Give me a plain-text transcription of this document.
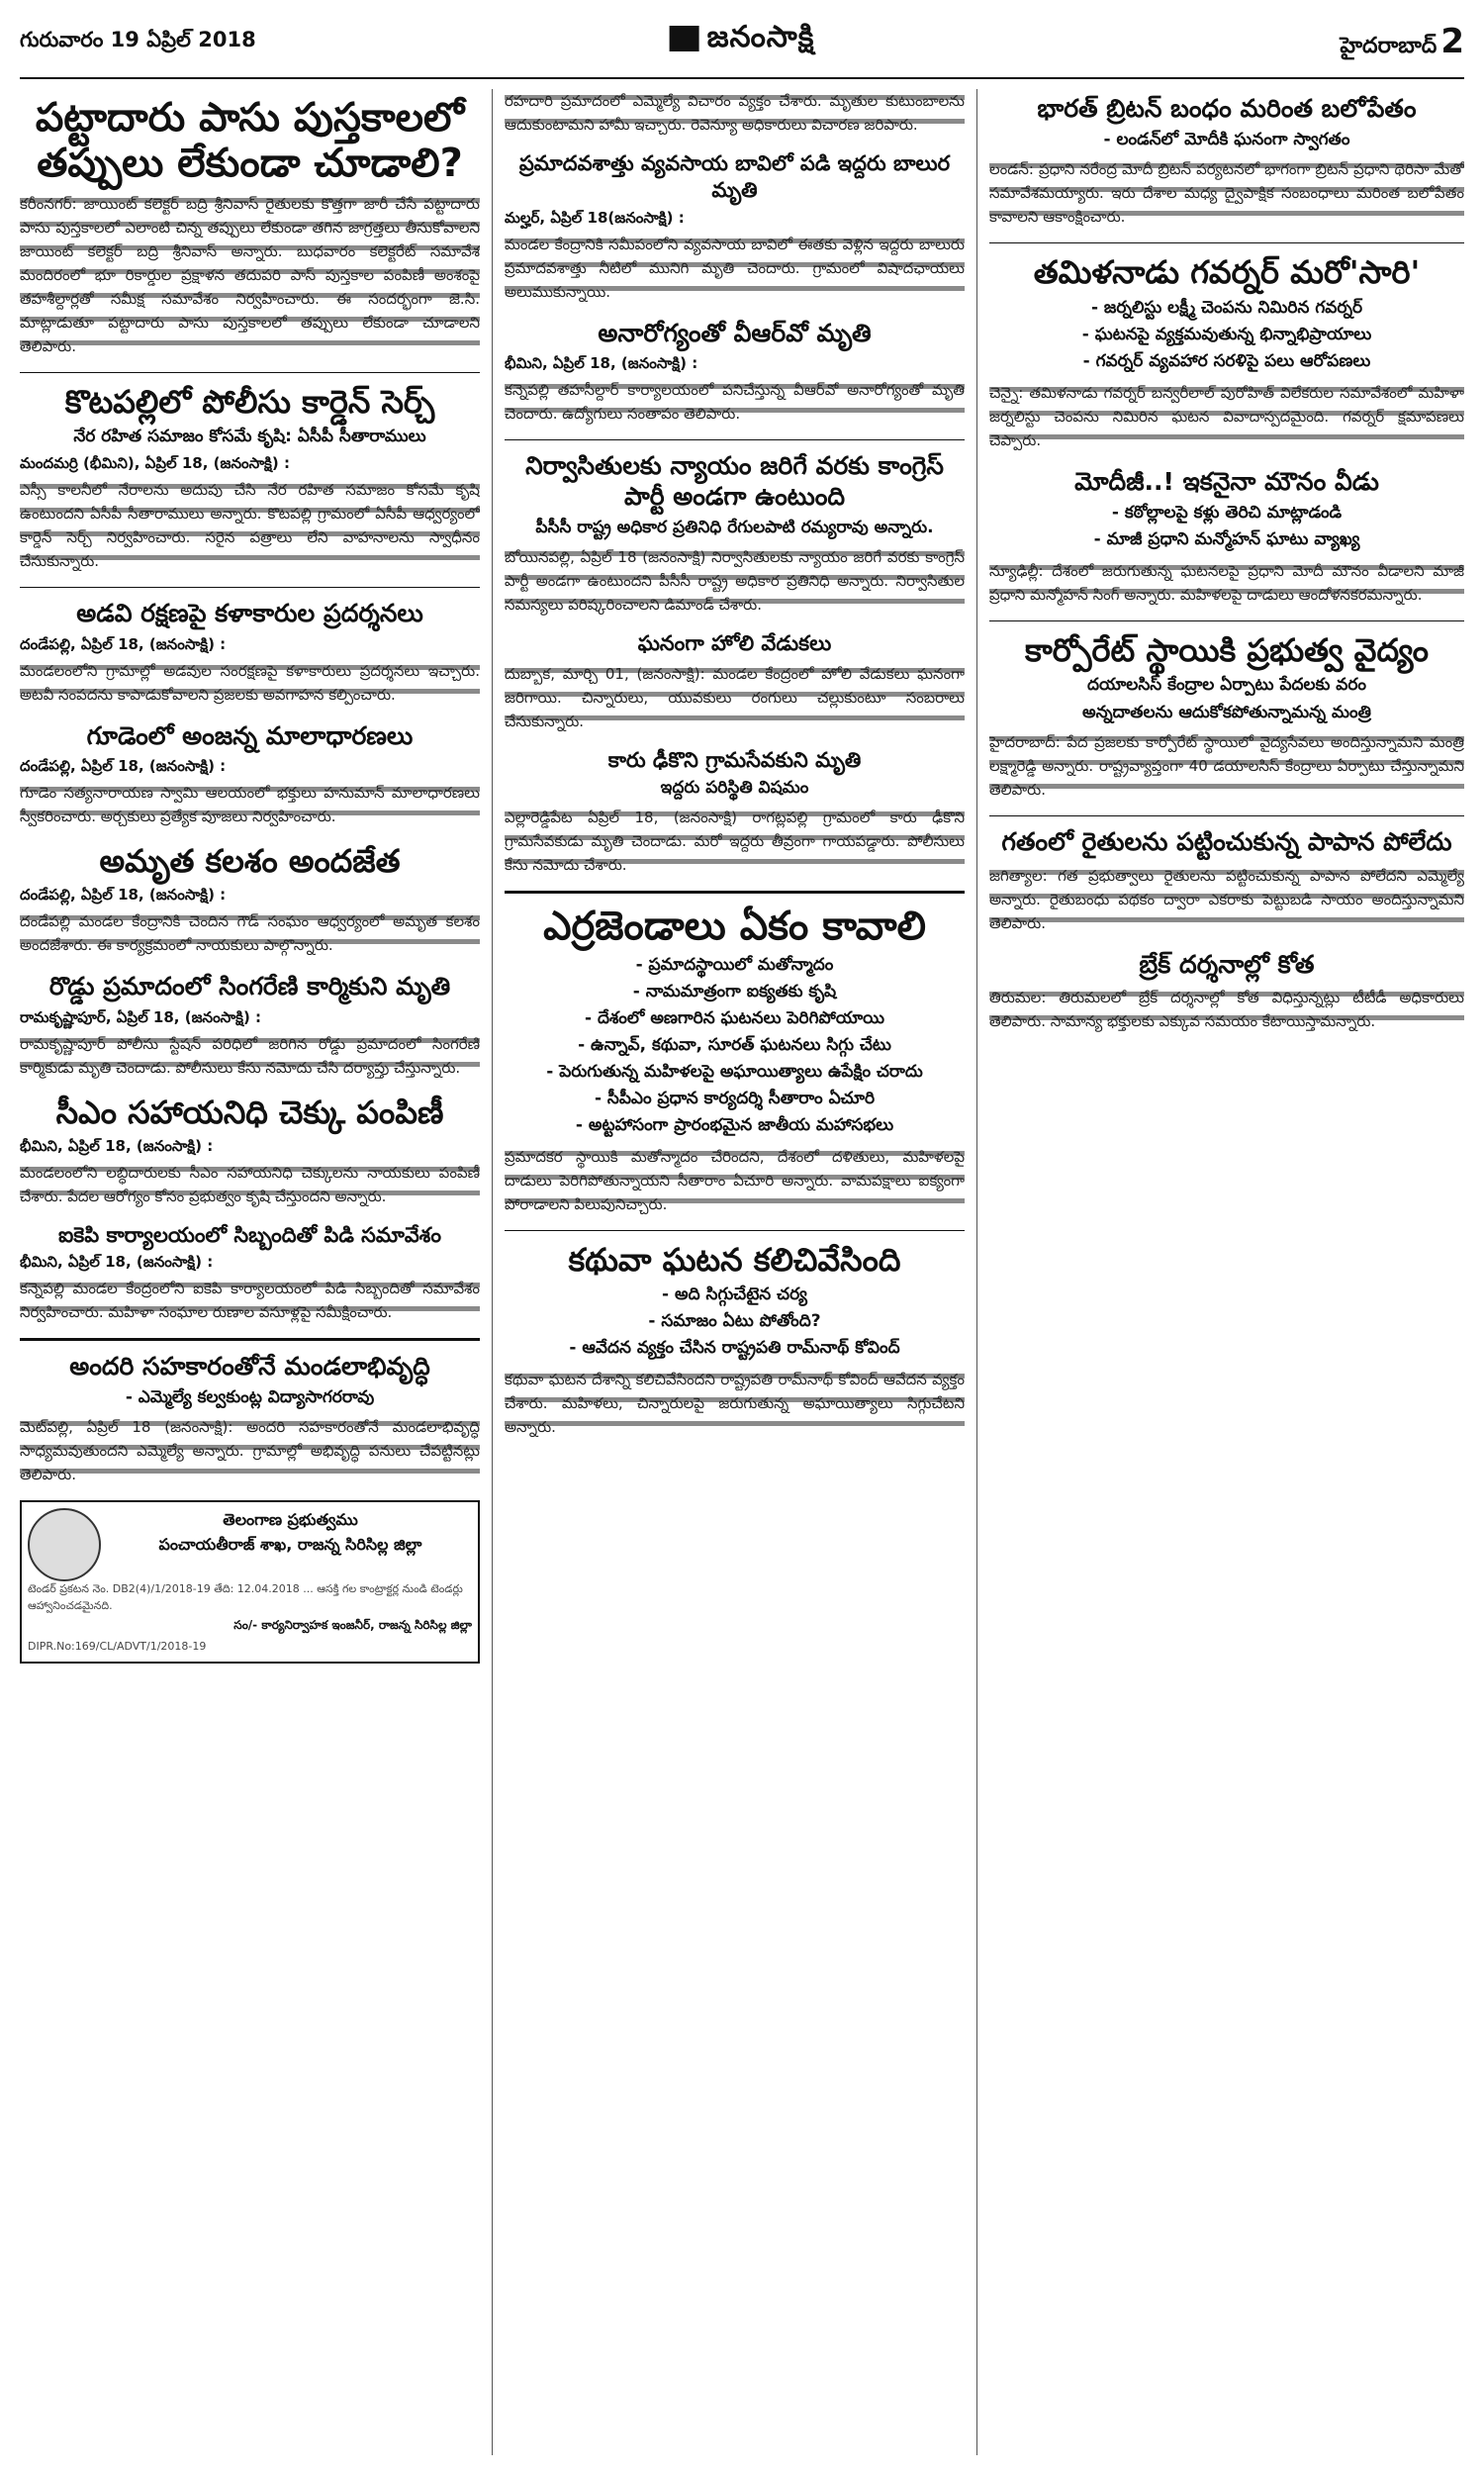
గురువారం 19 ఏప్రిల్ 2018	జనంసాక్షి	హైదరాబాద్ 2
పట్టాదారు పాసు పుస్తకాలలో తప్పులు లేకుండా చూడాలి?
కరీంనగర్: జాయింట్ కలెక్టర్ బద్రి శ్రీనివాస్ రైతులకు కొత్తగా జారీ చేసే పట్టాదారు పాసు పుస్తకాలలో ఎలాంటి చిన్న తప్పులు లేకుండా తగిన జాగ్రత్తలు తీసుకోవాలని జాయింట్ కలెక్టర్ బద్రి శ్రీనివాస్ అన్నారు. బుధవారం కలెక్టరేట్ సమావేశ మందిరంలో భూ రికార్డుల ప్రక్షాళన తదుపరి పాస్ పుస్తకాల పంపిణీ అంశంపై తహశీల్దార్లతో సమీక్ష సమావేశం నిర్వహించారు. ఈ సందర్భంగా జె.సి. మాట్లాడుతూ పట్టాదారు పాసు పుస్తకాలలో తప్పులు లేకుండా చూడాలని తెలిపారు.
కొటపల్లిలో పోలీసు కార్డెన్ సెర్చ్
నేర రహిత సమాజం కోసమే కృషి: ఏసీపీ సీతారాములు
మందమర్రి (భీమిని), ఏప్రిల్ 18, (జనంసాక్షి) :
ఎస్సీ కాలనీలో నేరాలను అదుపు చేసి నేర రహిత సమాజం కోసమే కృషి ఉంటుందని ఏసీపీ సీతారాములు అన్నారు. కొటపల్లి గ్రామంలో ఏసీపీ ఆధ్వర్యంలో కార్డెన్ సెర్చ్ నిర్వహించారు. సరైన పత్రాలు లేని వాహనాలను స్వాధీనం చేసుకున్నారు.
అడవి రక్షణపై కళాకారుల ప్రదర్శనలు
దండేపల్లి, ఏప్రిల్ 18, (జనంసాక్షి) :
మండలంలోని గ్రామాల్లో అడవుల సంరక్షణపై కళాకారులు ప్రదర్శనలు ఇచ్చారు. అటవీ సంపదను కాపాడుకోవాలని ప్రజలకు అవగాహన కల్పించారు.
గూడెంలో అంజన్న మాలాధారణలు
దండేపల్లి, ఏప్రిల్ 18, (జనంసాక్షి) :
గూడెం సత్యనారాయణ స్వామి ఆలయంలో భక్తులు హనుమాన్ మాలాధారణలు స్వీకరించారు. అర్చకులు ప్రత్యేక పూజలు నిర్వహించారు.
అమృత కలశం అందజేత
దండేపల్లి, ఏప్రిల్ 18, (జనంసాక్షి) :
దండేపల్లి మండల కేంద్రానికి చెందిన గౌడ్ సంఘం ఆధ్వర్యంలో అమృత కలశం అందజేశారు. ఈ కార్యక్రమంలో నాయకులు పాల్గొన్నారు.
రొడ్డు ప్రమాదంలో సింగరేణి కార్మికుని మృతి
రామకృష్ణాపూర్, ఏప్రిల్ 18, (జనంసాక్షి) :
రామకృష్ణాపూర్ పోలీసు స్టేషన్ పరిధిలో జరిగిన రోడ్డు ప్రమాదంలో సింగరేణి కార్మికుడు మృతి చెందాడు. పోలీసులు కేసు నమోదు చేసి దర్యాప్తు చేస్తున్నారు.
సీఎం సహాయనిధి చెక్కు పంపిణీ
భీమిని, ఏప్రిల్ 18, (జనంసాక్షి) :
మండలంలోని లబ్ధిదారులకు సీఎం సహాయనిధి చెక్కులను నాయకులు పంపిణీ చేశారు. పేదల ఆరోగ్యం కోసం ప్రభుత్వం కృషి చేస్తుందని అన్నారు.
ఐకెపి కార్యాలయంలో సిబ్బందితో పిడి సమావేశం
భీమిని, ఏప్రిల్ 18, (జనంసాక్షి) :
కన్నెపల్లి మండల కేంద్రంలోని ఐకెపి కార్యాలయంలో పిడి సిబ్బందితో సమావేశం నిర్వహించారు. మహిళా సంఘాల రుణాల వసూళ్లపై సమీక్షించారు.
అందరి సహకారంతోనే మండలాభివృద్ధి
- ఎమ్మెల్యే కల్వకుంట్ల విద్యాసాగరరావు
మెట్‌పల్లి, ఏప్రిల్ 18 (జనంసాక్షి): అందరి సహకారంతోనే మండలాభివృద్ధి సాధ్యమవుతుందని ఎమ్మెల్యే అన్నారు. గ్రామాల్లో అభివృద్ధి పనులు చేపట్టినట్లు తెలిపారు.
తెలంగాణ ప్రభుత్వము
పంచాయతీరాజ్ శాఖ, రాజన్న సిరిసిల్ల జిల్లా
టెండర్ ప్రకటన నెం. DB2(4)/1/2018-19 తేది: 12.04.2018 ... ఆసక్తి గల కాంట్రాక్టర్ల నుండి టెండర్లు ఆహ్వానించడమైనది.
సం/- కార్యనిర్వాహక ఇంజనీర్, రాజన్న సిరిసిల్ల జిల్లా
DIPR.No:169/CL/ADVT/1/2018-19
రహదారి ప్రమాదంలో ఎమ్మెల్యే విచారం వ్యక్తం చేశారు. మృతుల కుటుంబాలను ఆదుకుంటామని హామీ ఇచ్చారు. రెవెన్యూ అధికారులు విచారణ జరిపారు.
ప్రమాదవశాత్తు వ్యవసాయ బావిలో పడి ఇద్దరు బాలుర మృతి
మల్హర్‌, ఏప్రిల్ 18(జనంసాక్షి) :
మండల కేంద్రానికి సమీపంలోని వ్యవసాయ బావిలో ఈతకు వెళ్లిన ఇద్దరు బాలురు ప్రమాదవశాత్తు నీటిలో మునిగి మృతి చెందారు. గ్రామంలో విషాదఛాయలు అలుముకున్నాయి.
అనారోగ్యంతో వీఆర్‌వో మృతి
భీమిని, ఏప్రిల్ 18, (జనంసాక్షి) :
కన్నెపల్లి తహసీల్దార్ కార్యాలయంలో పనిచేస్తున్న వీఆర్‌వో అనారోగ్యంతో మృతి చెందారు. ఉద్యోగులు సంతాపం తెలిపారు.
నిర్వాసితులకు న్యాయం జరిగే వరకు కాంగ్రెస్ పార్టీ అండగా ఉంటుంది
పీసీసీ రాష్ట్ర అధికార ప్రతినిధి రేగులపాటి రమ్యరావు అన్నారు.
బోయినపల్లి, ఏప్రిల్ 18 (జనంసాక్షి) నిర్వాసితులకు న్యాయం జరిగే వరకు కాంగ్రెస్ పార్టీ అండగా ఉంటుందని పీసీసీ రాష్ట్ర అధికార ప్రతినిధి అన్నారు. నిర్వాసితుల సమస్యలు పరిష్కరించాలని డిమాండ్ చేశారు.
ఘనంగా హోలి వేడుకలు
దుబ్బాక, మార్చి 01, (జనంసాక్షి): మండల కేంద్రంలో హోలి వేడుకలు ఘనంగా జరిగాయి. చిన్నారులు, యువకులు రంగులు చల్లుకుంటూ సంబరాలు చేసుకున్నారు.
కారు ఢీకొని గ్రామసేవకుని మృతి
ఇద్దరు పరిస్థితి విషమం
ఎల్లారెడ్డిపేట ఏప్రిల్ 18, (జనంసాక్షి) రాగట్లపల్లి గ్రామంలో కారు ఢీకొని గ్రామసేవకుడు మృతి చెందాడు. మరో ఇద్దరు తీవ్రంగా గాయపడ్డారు. పోలీసులు కేసు నమోదు చేశారు.
ఎర్రజెండాలు ఏకం కావాలి
- ప్రమాదస్థాయిలో మతోన్మాదం
- నామమాత్రంగా ఐక్యతకు కృషి
- దేశంలో అణగారిన ఘటనలు పెరిగిపోయాయి
- ఉన్నావ్, కథువా, సూరత్ ఘటనలు సిగ్గు చేటు
- పెరుగుతున్న మహిళలపై అఘాయిత్యాలు ఉపేక్షిం చరాదు
- సీపీఎం ప్రధాన కార్యదర్శి సీతారాం ఏచూరి
- అట్టహాసంగా ప్రారంభమైన జాతీయ మహాసభలు
ప్రమాదకర స్థాయికి మతోన్మాదం చేరిందని, దేశంలో దళితులు, మహిళలపై దాడులు పెరిగిపోతున్నాయని సీతారాం ఏచూరి అన్నారు. వామపక్షాలు ఐక్యంగా పోరాడాలని పిలుపునిచ్చారు.
కథువా ఘటన కలిచివేసింది
- అది సిగ్గుచేటైన చర్య
- సమాజం ఏటు పోతోంది?
- ఆవేదన వ్యక్తం చేసిన రాష్ట్రపతి రామ్‌నాథ్ కోవింద్
కథువా ఘటన దేశాన్ని కలిచివేసిందని రాష్ట్రపతి రామ్‌నాథ్ కోవింద్ ఆవేదన వ్యక్తం చేశారు. మహిళలు, చిన్నారులపై జరుగుతున్న అఘాయిత్యాలు సిగ్గుచేటని అన్నారు.
భారత్ బ్రిటన్ బంధం మరింత బలోపేతం
- లండన్‌లో మోదీకి ఘనంగా స్వాగతం
లండన్: ప్రధాని నరేంద్ర మోదీ బ్రిటన్ పర్యటనలో భాగంగా బ్రిటన్ ప్రధాని థెరిసా మేతో సమావేశమయ్యారు. ఇరు దేశాల మధ్య ద్వైపాక్షిక సంబంధాలు మరింత బలోపేతం కావాలని ఆకాంక్షించారు.
తమిళనాడు గవర్నర్ మరో'సారి'
- జర్నలిస్టు లక్ష్మీ చెంపను నిమిరిన గవర్నర్
- ఘటనపై వ్యక్తమవుతున్న భిన్నాభిప్రాయాలు
- గవర్నర్ వ్యవహార సరళిపై పలు ఆరోపణలు
చెన్నై: తమిళనాడు గవర్నర్ బన్వరీలాల్ పురోహిత్ విలేకరుల సమావేశంలో మహిళా జర్నలిస్టు చెంపను నిమిరిన ఘటన వివాదాస్పదమైంది. గవర్నర్ క్షమాపణలు చెప్పారు.
మోదీజీ..! ఇకనైనా మౌనం వీడు
- కఠోల్లాలపై కళ్లు తెరిచి మాట్లాడండి
- మాజీ ప్రధాని మన్మోహన్ ఘాటు వ్యాఖ్య
న్యూఢిల్లీ: దేశంలో జరుగుతున్న ఘటనలపై ప్రధాని మోదీ మౌనం వీడాలని మాజీ ప్రధాని మన్మోహన్ సింగ్ అన్నారు. మహిళలపై దాడులు ఆందోళనకరమన్నారు.
కార్పోరేట్ స్థాయికి ప్రభుత్వ వైద్యం
దయాలసిస్ కేంద్రాల ఏర్పాటు పేదలకు వరం
అన్నదాతలను ఆదుకోకపోతున్నామన్న మంత్రి
హైదరాబాద్: పేద ప్రజలకు కార్పోరేట్ స్థాయిలో వైద్యసేవలు అందిస్తున్నామని మంత్రి లక్ష్మారెడ్డి అన్నారు. రాష్ట్రవ్యాప్తంగా 40 డయాలసిస్ కేంద్రాలు ఏర్పాటు చేస్తున్నామని తెలిపారు.
గతంలో రైతులను పట్టించుకున్న పాపాన పోలేదు
జగిత్యాల: గత ప్రభుత్వాలు రైతులను పట్టించుకున్న పాపాన పోలేదని ఎమ్మెల్యే అన్నారు. రైతుబంధు పథకం ద్వారా ఎకరాకు పెట్టుబడి సాయం అందిస్తున్నామని తెలిపారు.
బ్రేక్ దర్శనాల్లో కోత
తిరుమల: తిరుమలలో బ్రేక్ దర్శనాల్లో కోత విధిస్తున్నట్లు టీటీడీ అధికారులు తెలిపారు. సామాన్య భక్తులకు ఎక్కువ సమయం కేటాయిస్తామన్నారు.
